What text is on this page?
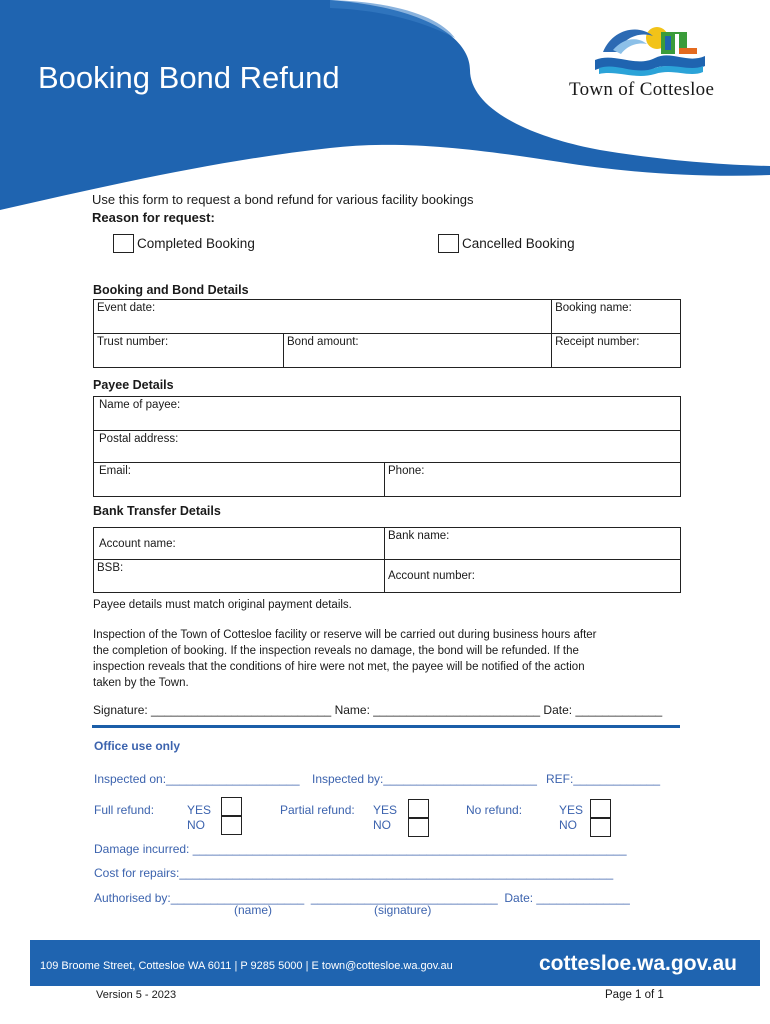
Booking Bond Refund	Town of Cottesloe
Use this form to request a bond refund for various facility bookings
Reason for request:
Completed Booking	Cancelled Booking
Booking and Bond Details
Event date:		Booking name:
Trust number:	Bond amount:	Receipt number:
Payee Details
Name of payee:
Postal address:
Email:	Phone:
Bank Transfer Details
Account name:	Bank name:
BSB:	Account number:
Payee details must match original payment details.
Inspection of the Town of Cottesloe facility or reserve will be carried out during business hours after
the completion of booking. If the inspection reveals no damage, the bond will be refunded. If the
inspection reveals that the conditions of hire were not met, the payee will be notified of the action
taken by the Town.
Signature: ___________________________ Name: _________________________ Date: _____________
Office use only
Inspected on:____________________ Inspected by:_______________________ REF:_____________
Full refund:	YES
NO
Partial refund: YES
NO
No refund:	YES
NO
Damage incurred: _________________________________________________________________
Cost for repairs:_________________________________________________________________
Authorised by:____________________  ____________________________  Date: ______________
(name)	(signature)
109 Broome Street, Cottesloe WA 6011 | P 9285 5000 | E town@cottesloe.wa.gov.au	cottesloe.wa.gov.au
Version 5 - 2023	Page 1 of 1
